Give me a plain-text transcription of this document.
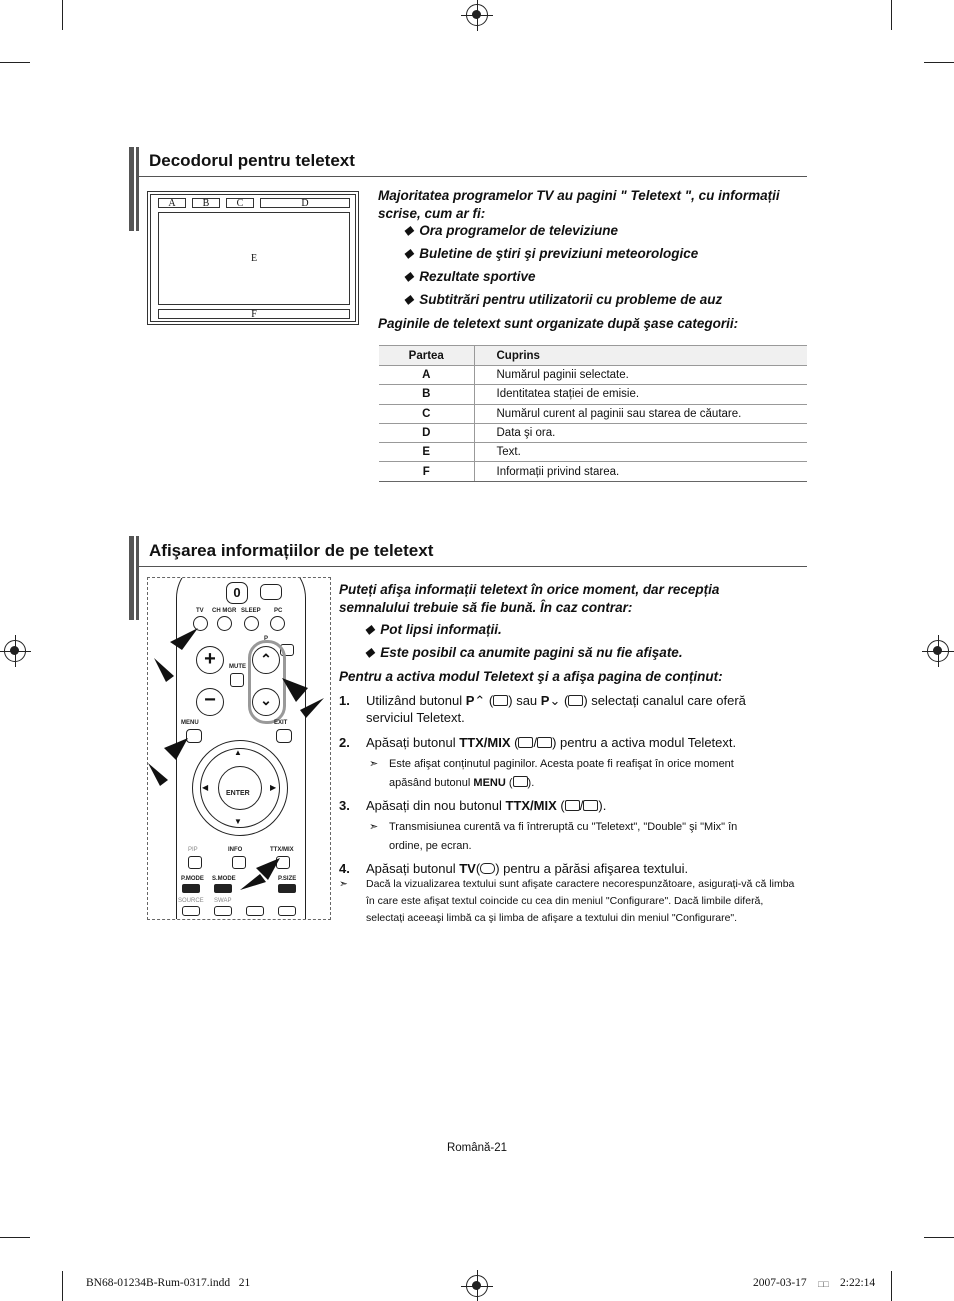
Decodorul pentru teletext
A	B	C	D
E
F
Majoritatea programelor TV au pagini " Teletext ", cu informații scrise, cum ar fi:
◆ Ora programelor de televiziune
◆ Buletine de ştiri şi previziuni meteorologice
◆ Rezultate sportive
◆ Subtitrări pentru utilizatorii cu probleme de auz
Paginile de teletext sunt organizate după şase categorii:
Partea	Cuprins
A	Numărul paginii selectate.
B	Identitatea stației de emisie.
C	Numărul curent al paginii sau starea de căutare.
D	Data şi ora.
E	Text.
F	Informații privind starea.
Afişarea informațiilor de pe teletext
0
TV CH MGR SLEEP PC
P
+
−
MUTE	⌃
⌄
MENU	EXIT
▲
▼
◀	▶
ENTER
PIP	INFO	TTX/MIX
P.MODE S.MODE	P.SIZE
SOURCE SWAP
Puteți afişa informații teletext în orice moment, dar recepția semnalului trebuie să fie bună. În caz contrar:
◆ Pot lipsi informații.
◆ Este posibil ca anumite pagini să nu fie afişate.
Pentru a activa modul Teletext şi a afişa pagina de conținut:
1.	Utilizând butonul P⌃ ( ) sau P⌄ ( ) selectați canalul care oferă serviciul Teletext.
2.	Apăsați butonul TTX/MIX ( / ) pentru a activa modul Teletext.
➣ Este afişat conținutul paginilor. Acesta poate fi reafişat în orice moment apăsând butonul MENU ( ).
3.	Apăsați din nou butonul TTX/MIX ( / ).
➣ Transmisiunea curentă va fi întreruptă cu "Teletext", "Double" şi "Mix" în ordine, pe ecran.
4.	Apăsați butonul TV( ) pentru a părăsi afişarea textului.
➣	Dacă la vizualizarea textului sunt afişate caractere necorespunzătoare, asigurați-vă că limba în care este afişat textul coincide cu cea din meniul "Configurare". Dacă limbile diferă, selectați aceeaşi limbă ca şi limba de afişare a textului din meniul "Configurare".
Română-21
BN68-01234B-Rum-0317.indd   21	2007-03-17 □□ 2:22:14
